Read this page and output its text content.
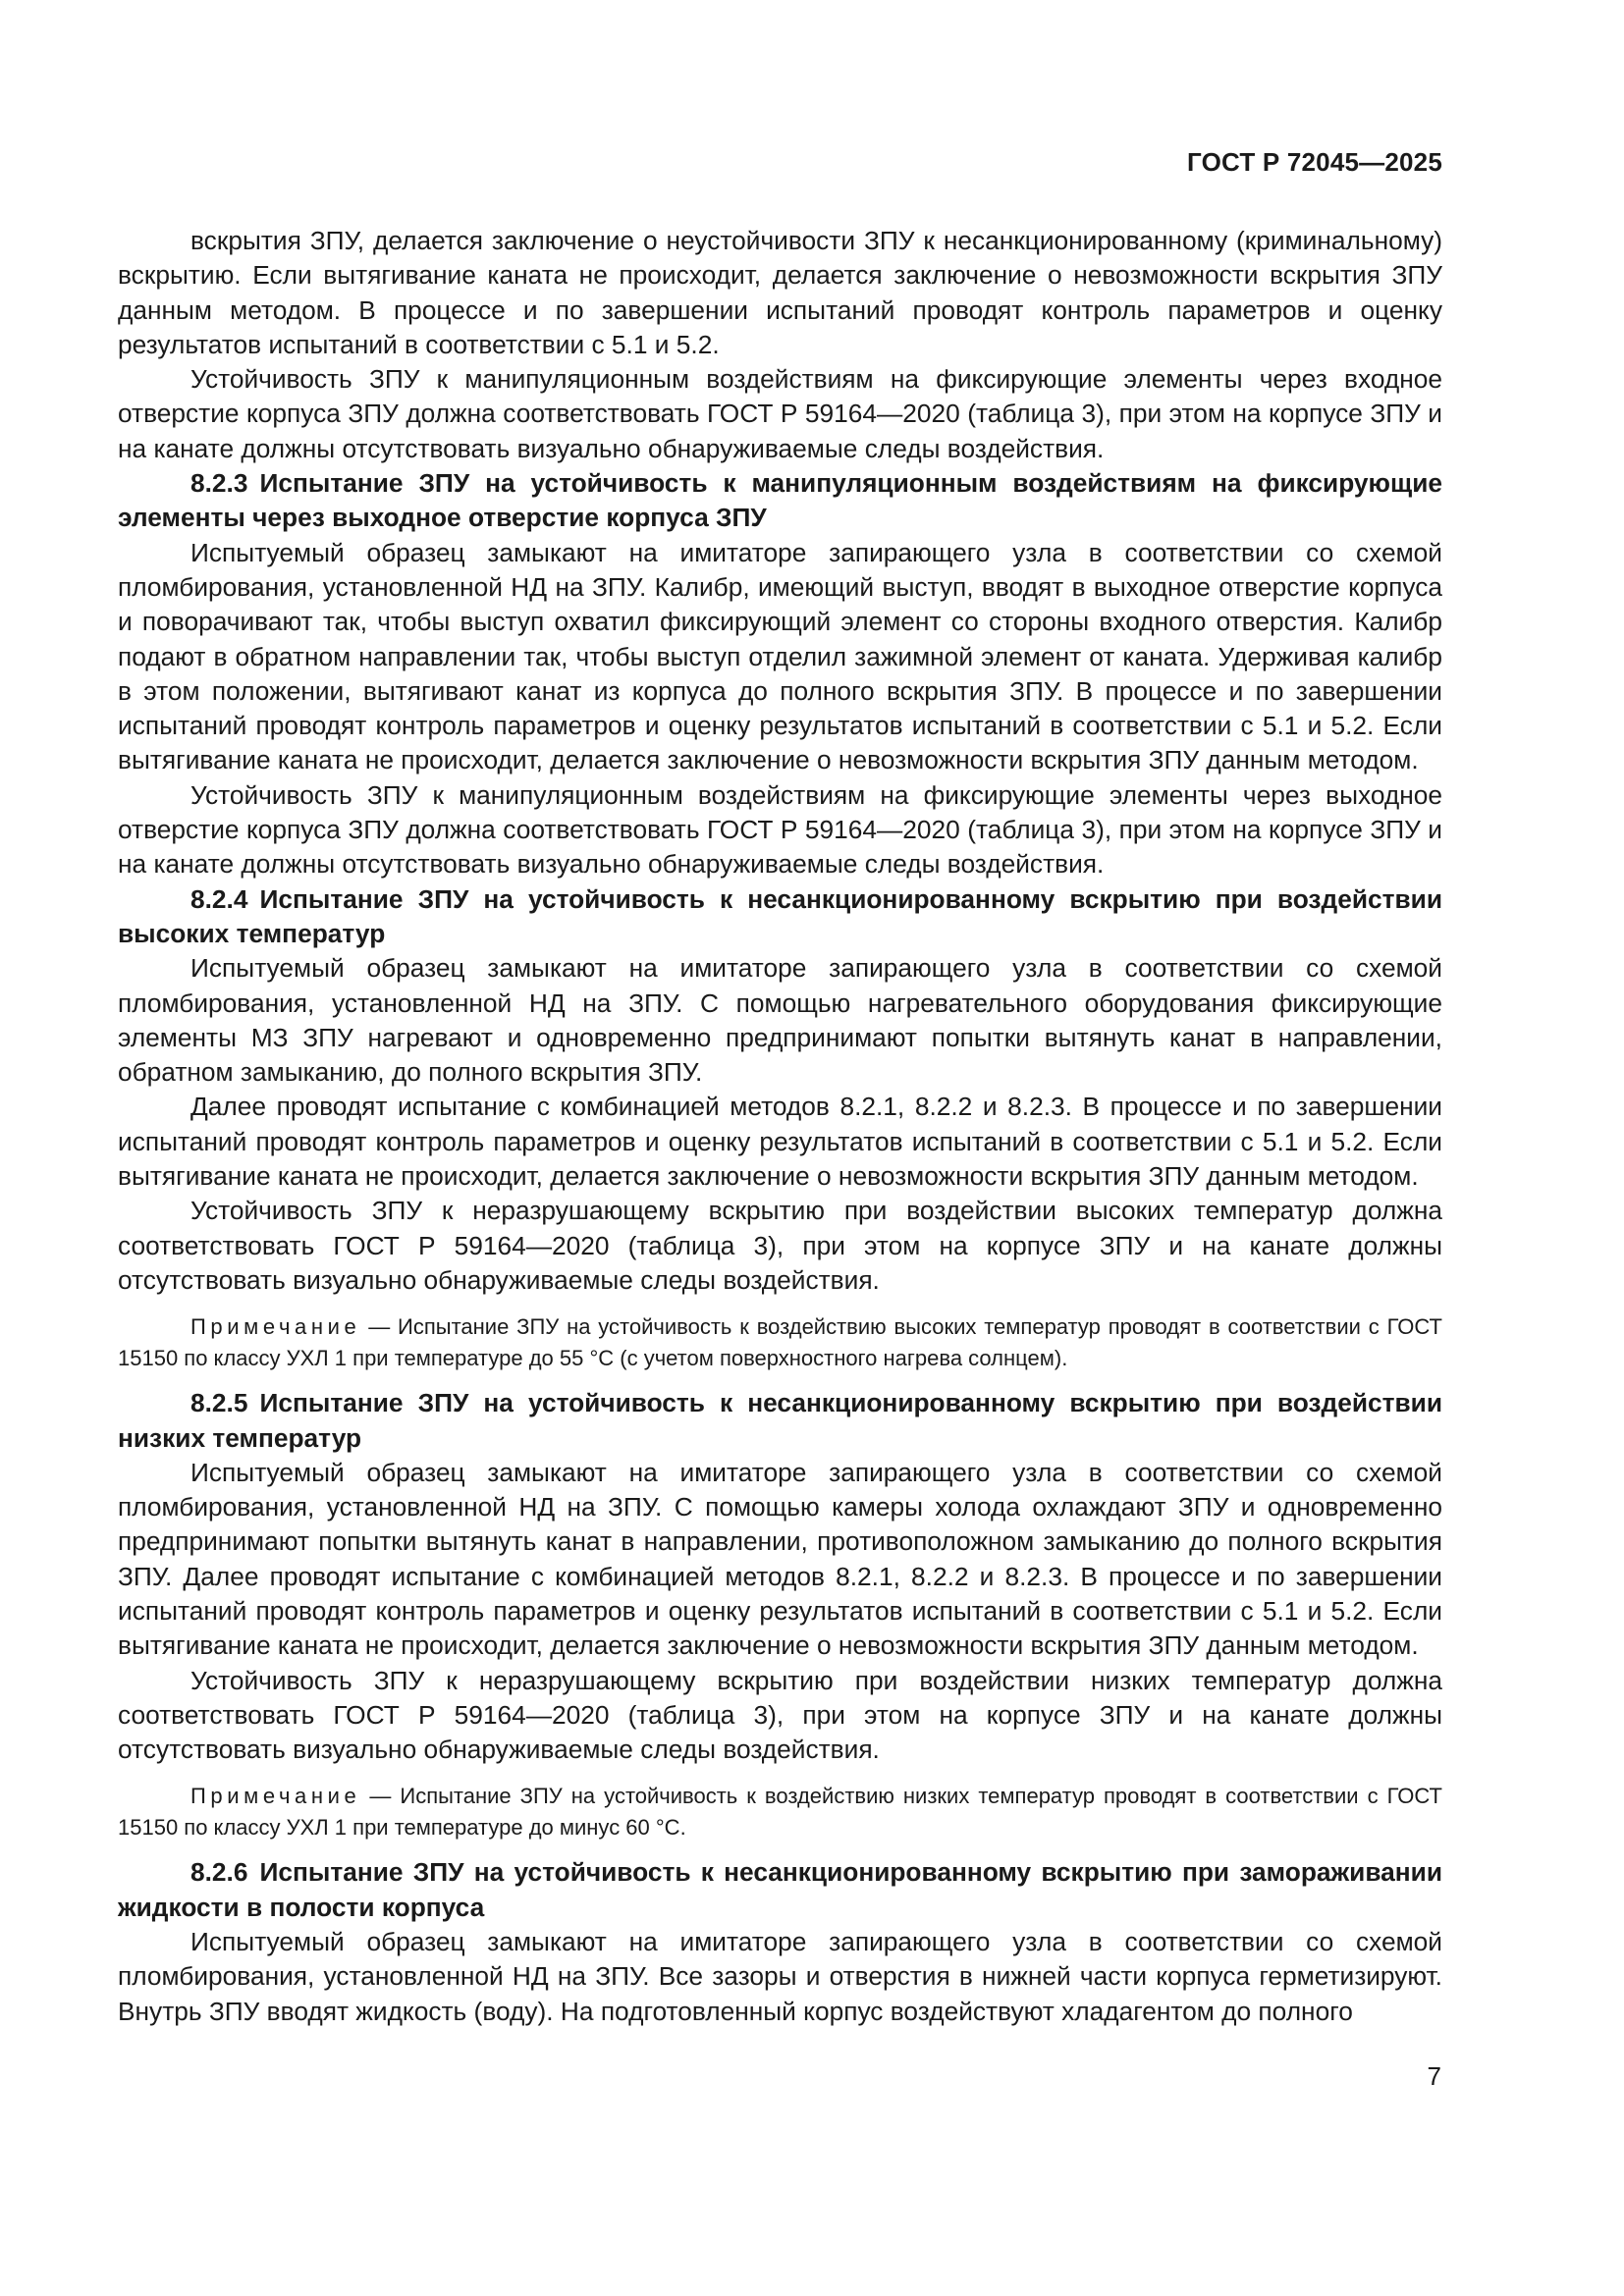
ГОСТ Р 72045—2025

вскрытия ЗПУ, делается заключение о неустойчивости ЗПУ к несанкционированному (криминальному) вскрытию. Если вытягивание каната не происходит, делается заключение о невозможности вскрытия ЗПУ данным методом. В процессе и по завершении испытаний проводят контроль параметров и оценку результатов испытаний в соответствии с 5.1 и 5.2.

Устойчивость ЗПУ к манипуляционным воздействиям на фиксирующие элементы через входное отверстие корпуса ЗПУ должна соответствовать ГОСТ Р 59164—2020 (таблица 3), при этом на корпусе ЗПУ и на канате должны отсутствовать визуально обнаруживаемые следы воздействия.

8.2.3 Испытание ЗПУ на устойчивость к манипуляционным воздействиям на фиксирующие элементы через выходное отверстие корпуса ЗПУ

Испытуемый образец замыкают на имитаторе запирающего узла в соответствии со схемой пломбирования, установленной НД на ЗПУ. Калибр, имеющий выступ, вводят в выходное отверстие корпуса и поворачивают так, чтобы выступ охватил фиксирующий элемент со стороны входного отверстия. Калибр подают в обратном направлении так, чтобы выступ отделил зажимной элемент от каната. Удерживая калибр в этом положении, вытягивают канат из корпуса до полного вскрытия ЗПУ. В процессе и по завершении испытаний проводят контроль параметров и оценку результатов испытаний в соответствии с 5.1 и 5.2. Если вытягивание каната не происходит, делается заключение о невозможности вскрытия ЗПУ данным методом.

Устойчивость ЗПУ к манипуляционным воздействиям на фиксирующие элементы через выходное отверстие корпуса ЗПУ должна соответствовать ГОСТ Р 59164—2020 (таблица 3), при этом на корпусе ЗПУ и на канате должны отсутствовать визуально обнаруживаемые следы воздействия.

8.2.4 Испытание ЗПУ на устойчивость к несанкционированному вскрытию при воздействии высоких температур

Испытуемый образец замыкают на имитаторе запирающего узла в соответствии со схемой пломбирования, установленной НД на ЗПУ. С помощью нагревательного оборудования фиксирующие элементы МЗ ЗПУ нагревают и одновременно предпринимают попытки вытянуть канат в направлении, обратном замыканию, до полного вскрытия ЗПУ.

Далее проводят испытание с комбинацией методов 8.2.1, 8.2.2 и 8.2.3. В процессе и по завершении испытаний проводят контроль параметров и оценку результатов испытаний в соответствии с 5.1 и 5.2. Если вытягивание каната не происходит, делается заключение о невозможности вскрытия ЗПУ данным методом.

Устойчивость ЗПУ к неразрушающему вскрытию при воздействии высоких температур должна соответствовать ГОСТ Р 59164—2020 (таблица 3), при этом на корпусе ЗПУ и на канате должны отсутствовать визуально обнаруживаемые следы воздействия.

Примечание — Испытание ЗПУ на устойчивость к воздействию высоких температур проводят в соответствии с ГОСТ 15150 по классу УХЛ 1 при температуре до 55 °С (с учетом поверхностного нагрева солнцем).

8.2.5 Испытание ЗПУ на устойчивость к несанкционированному вскрытию при воздействии низких температур

Испытуемый образец замыкают на имитаторе запирающего узла в соответствии со схемой пломбирования, установленной НД на ЗПУ. С помощью камеры холода охлаждают ЗПУ и одновременно предпринимают попытки вытянуть канат в направлении, противоположном замыканию до полного вскрытия ЗПУ. Далее проводят испытание с комбинацией методов 8.2.1, 8.2.2 и 8.2.3. В процессе и по завершении испытаний проводят контроль параметров и оценку результатов испытаний в соответствии с 5.1 и 5.2. Если вытягивание каната не происходит, делается заключение о невозможности вскрытия ЗПУ данным методом.

Устойчивость ЗПУ к неразрушающему вскрытию при воздействии низких температур должна соответствовать ГОСТ Р 59164—2020 (таблица 3), при этом на корпусе ЗПУ и на канате должны отсутствовать визуально обнаруживаемые следы воздействия.

Примечание — Испытание ЗПУ на устойчивость к воздействию низких температур проводят в соответствии с ГОСТ 15150 по классу УХЛ 1 при температуре до минус 60 °С.

8.2.6 Испытание ЗПУ на устойчивость к несанкционированному вскрытию при замораживании жидкости в полости корпуса

Испытуемый образец замыкают на имитаторе запирающего узла в соответствии со схемой пломбирования, установленной НД на ЗПУ. Все зазоры и отверстия в нижней части корпуса герметизируют. Внутрь ЗПУ вводят жидкость (воду). На подготовленный корпус воздействуют хладагентом до полного

7
